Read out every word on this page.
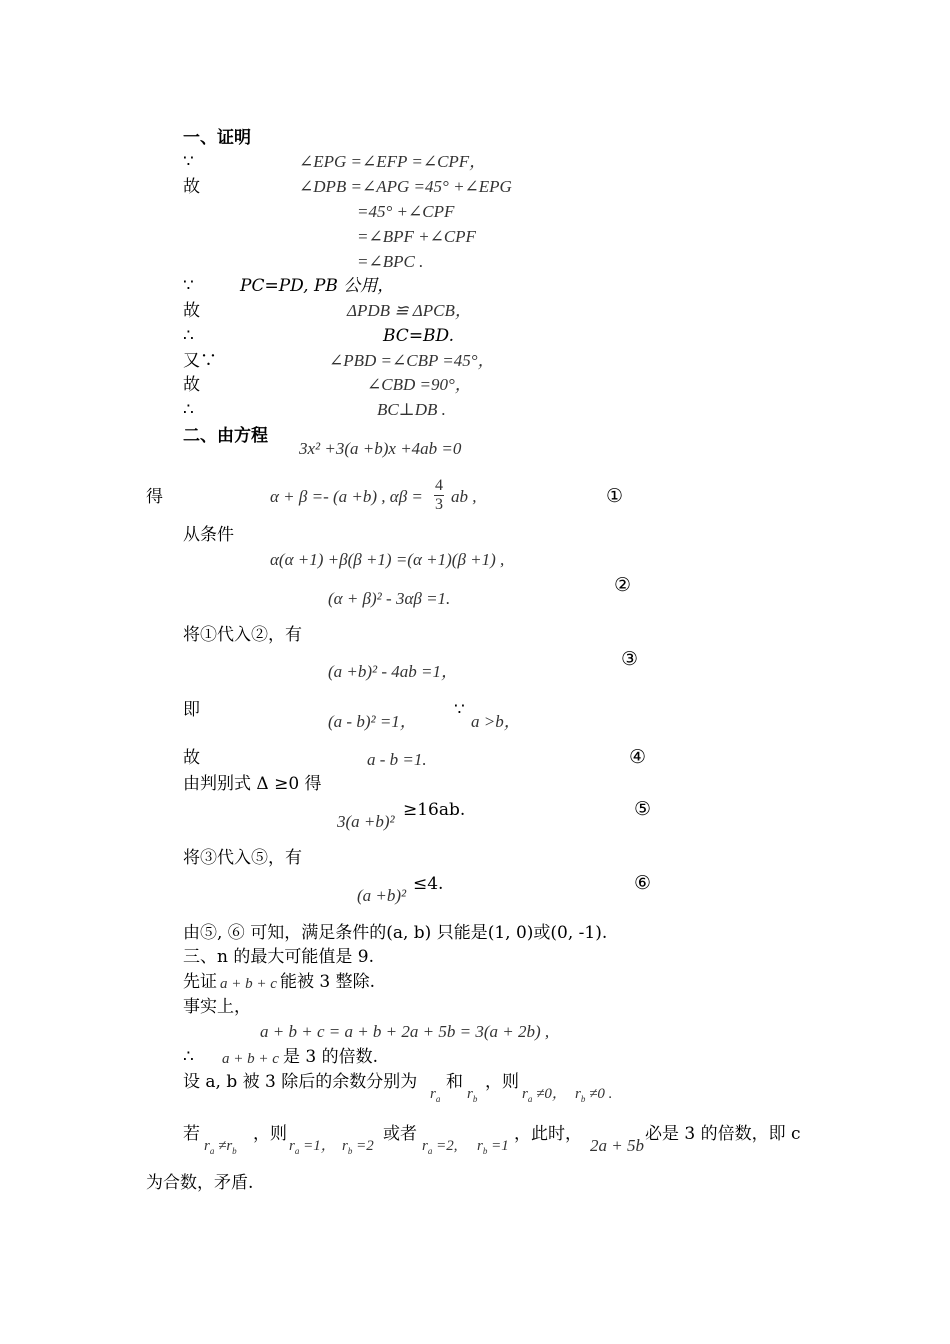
一、证明
∵	∠EPG =∠EFP =∠CPF，
故	∠DPB =∠APG =45° +∠EPG
=45° +∠CPF
=∠BPF +∠CPF
=∠BPC .
∵	PC=PD, PB 公用，
故	ΔPDB ≌ ΔPCB，
∴	BC=BD.
又∵	∠PBD =∠CBP =45°，
故	∠CBD =90°，
∴	BC⊥DB .
二、由方程
3x² +3(a +b)x +4ab =0
得	α + β =- (a +b) , $\alpha\beta = \frac{4}{3}$ ab ,	①
从条件
α(α +1) +β(β +1) =(α +1)(β +1) ,
(α + β)² - 3αβ =1.
②
将①代入②，有
(a +b)² - 4ab =1，
③
即
(a - b)² =1，
∵
a >b，
故	a - b =1.	④
由判别式 Δ ≥0 得
3(a +b)²
≥16ab.	⑤
将③代入⑤，有
(a +b)²
≤4.	⑥
由⑤, ⑥ 可知，满足条件的(a, b) 只能是(1, 0)或(0, -1).
三、n 的最大可能值是 9.
先证 a + b + c 能被 3 整除.
事实上，
a + b + c = a + b + 2a + 5b = 3(a + 2b) ,
∴ a + b + c 是 3 的倍数.
设 a, b 被 3 除后的余数分别为
$r_a$
和
$r_b$
，则
$r_a \ne 0$， $r_b \ne 0$ .
若
$r_a \ne r_b$
，则
$r_a =1$， $r_b =2$
或者
$r_a =2$, $r_b =1$
，此时，
2a + 5b
必是 3 的倍数，即 c
为合数，矛盾.
